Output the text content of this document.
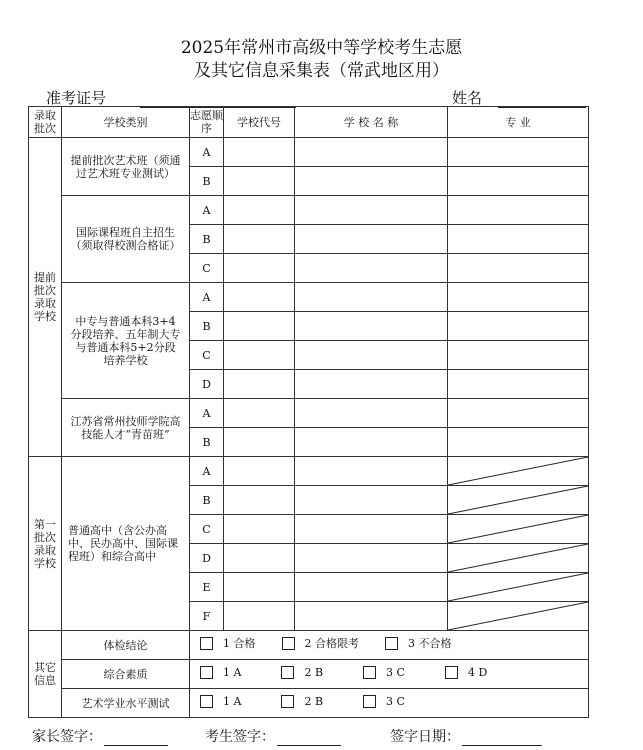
2025年常州市高级中等学校考生志愿
及其它信息采集表（常武地区用）
准考证号	姓名
录取批次	学校类别	志愿顺序	学校代号	学 校 名 称	专 业
提前批次录取学校	提前批次艺术班（须通过艺术班专业测试）	A			
		B			
	国际课程班自主招生（须取得校测合格证）	A			
		B			
		C			
	中专与普通本科3+4分段培养、五年制大专与普通本科5+2分段培养学校	A			
		B			
		C			
		D			
	江苏省常州技师学院高技能人才“青苗班”	A			
		B			
第一批次录取学校	普通高中（含公办高中、民办高中、国际课程班）和综合高中	A			

		B			

		C			

		D			

		E			

		F			

其它信息	体检结论	1 合格 2 合格限考 3 不合格			

	综合素质	1 A 2 B 3 C 4 D			

	艺术学业水平测试	1 A 2 B 3 C			
家长签字：	考生签字：	签字日期：
